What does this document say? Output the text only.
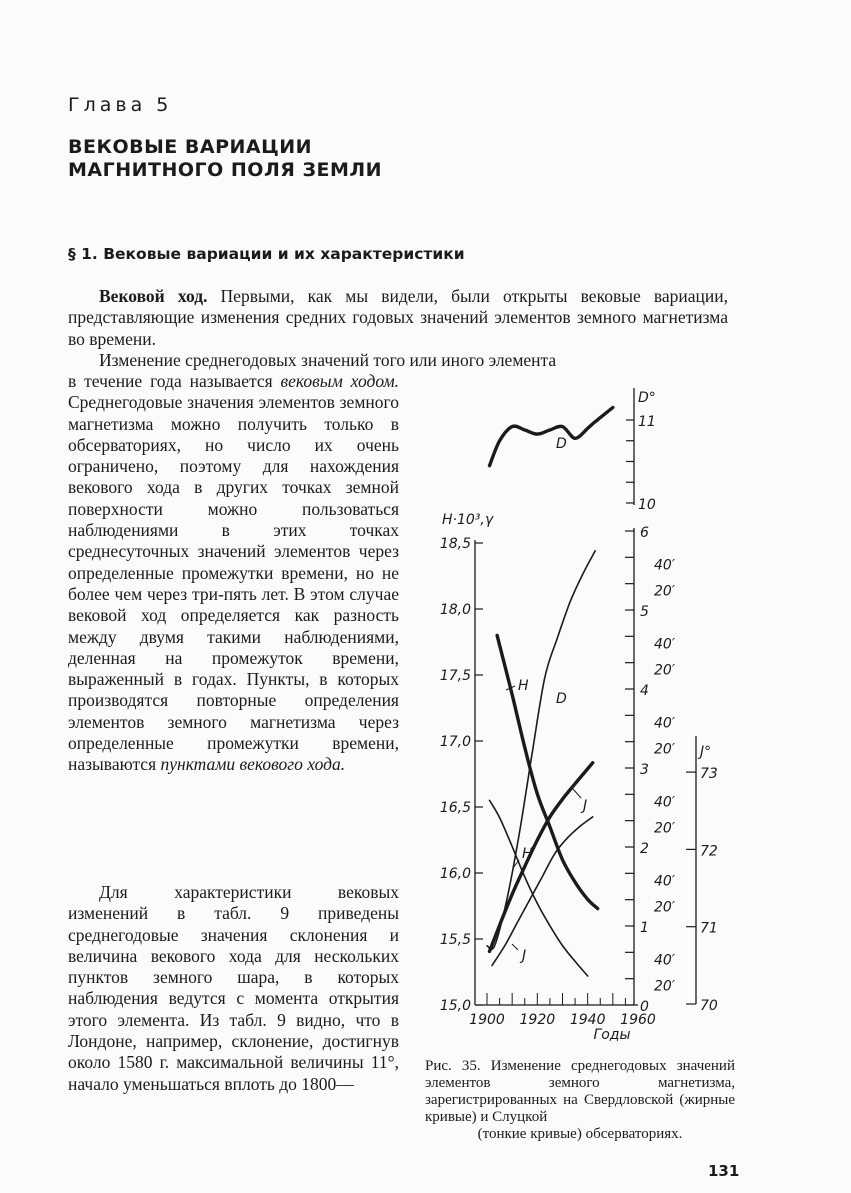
Глава 5
ВЕКОВЫЕ ВАРИАЦИИ
МАГНИТНОГО ПОЛЯ ЗЕМЛИ
§ 1. Вековые вариации и их характеристики
Вековой ход. Первыми, как мы видели, были открыты вековые вариации, представляющие изменения средних годовых значений элементов земного магнетизма во времени.
Изменение среднегодовых значений того или иного элемента
в течение года называется вековым ходом. Среднегодовые значения элементов земного магнетизма можно получить только в обсерваториях, но число их очень ограничено, поэтому для нахождения векового хода в других точках земной поверхности можно пользоваться наблюдениями в этих точках среднесуточных значений элементов через определенные промежутки времени, но не более чем через три-пять лет. В этом случае вековой ход определяется как разность между двумя такими наблюдениями, деленная на промежуток времени, выраженный в годах. Пункты, в которых производятся повторные определения элементов земного магнетизма через определенные промежутки времени, называются пунктами векового хода.
Для характеристики вековых изменений в табл. 9 приведены среднегодовые значения склонения и величина векового хода для нескольких пунктов земного шара, в которых наблюдения ведутся с момента открытия этого элемента. Из табл. 9 видно, что в Лондоне, например, склонение, достигнув около 1580 г. максимальной величины 11°, начало уменьшаться вплоть до 1800—
18,5
18,0
17,5
17,0
16,5
16,0
15,5
15,0
H·10³,γ
1900 1920 1940 1960
Годы
6
40′
20′
5
40′
20′
4
40′
20′
3
40′
20′
2
40′
20′
1
40′
20′
0
11
10
D°
73
72
71
70
J°
D
H
D
J
H
J
Рис. 35. Изменение среднегодовых значений элементов земного магнетизма, зарегистрированных на Свердловской (жирные кривые) и Слуцкой
(тонкие кривые) обсерваториях.
131
